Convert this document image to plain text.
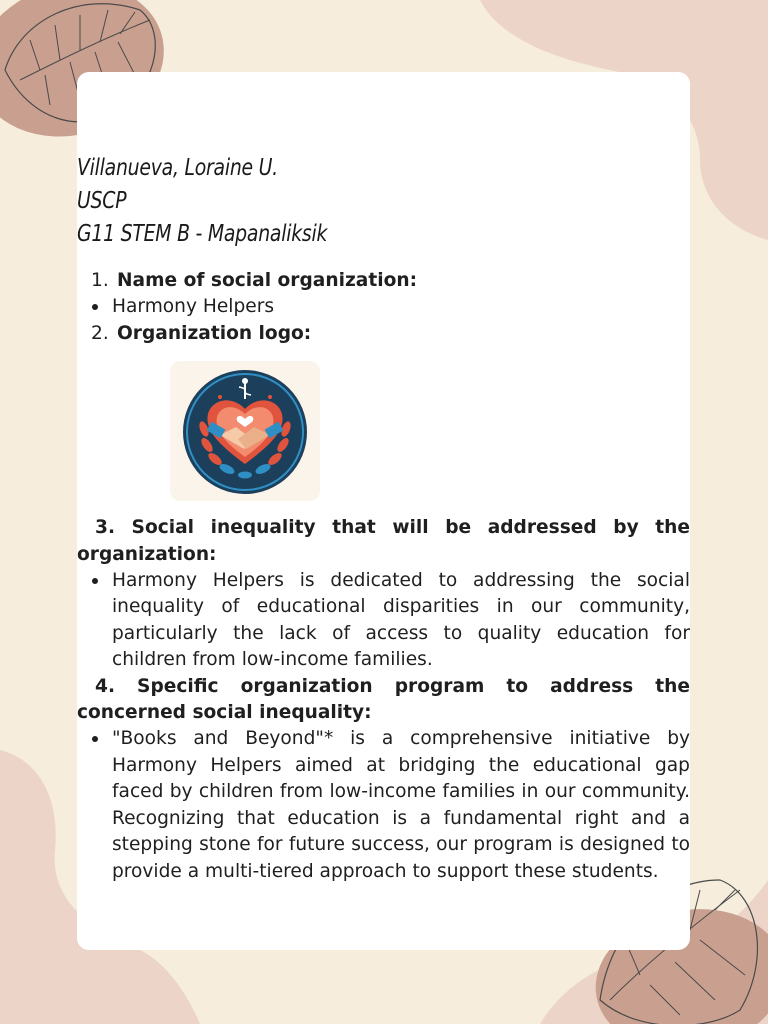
Villanueva, Loraine U.
USCP
G11 STEM B - Mapanaliksik
1. Name of social organization:
Harmony Helpers
2. Organization logo:
3. Social inequality that will be addressed by the organization:
Harmony Helpers is dedicated to addressing the social inequality of educational disparities in our community, particularly the lack of access to quality education for children from low-income families.
4. Specific organization program to address the concerned social inequality:
"Books and Beyond"* is a comprehensive initiative by Harmony Helpers aimed at bridging the educational gap faced by children from low-income families in our community. Recognizing that education is a fundamental right and a stepping stone for future success, our program is designed to provide a multi-tiered approach to support these students.
